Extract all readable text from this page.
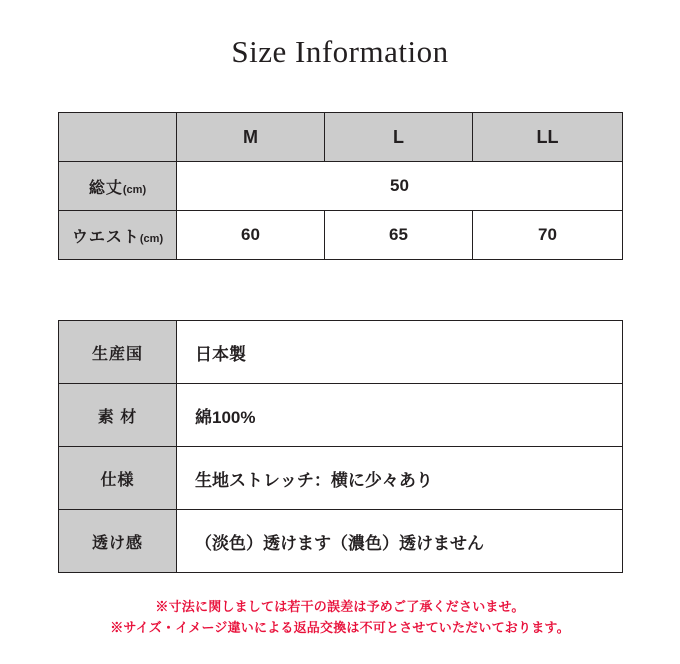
Size Information
	M	L	LL
総丈(cm)	50		
ウエスト(cm)	60	65	70
生産国	日本製
素 材	綿100%
仕様	生地ストレッチ：横に少々あり
透け感	（淡色）透けます（濃色）透けません
※寸法に関しましては若干の誤差は予めご了承くださいませ。
※サイズ・イメージ違いによる返品交換は不可とさせていただいております。
